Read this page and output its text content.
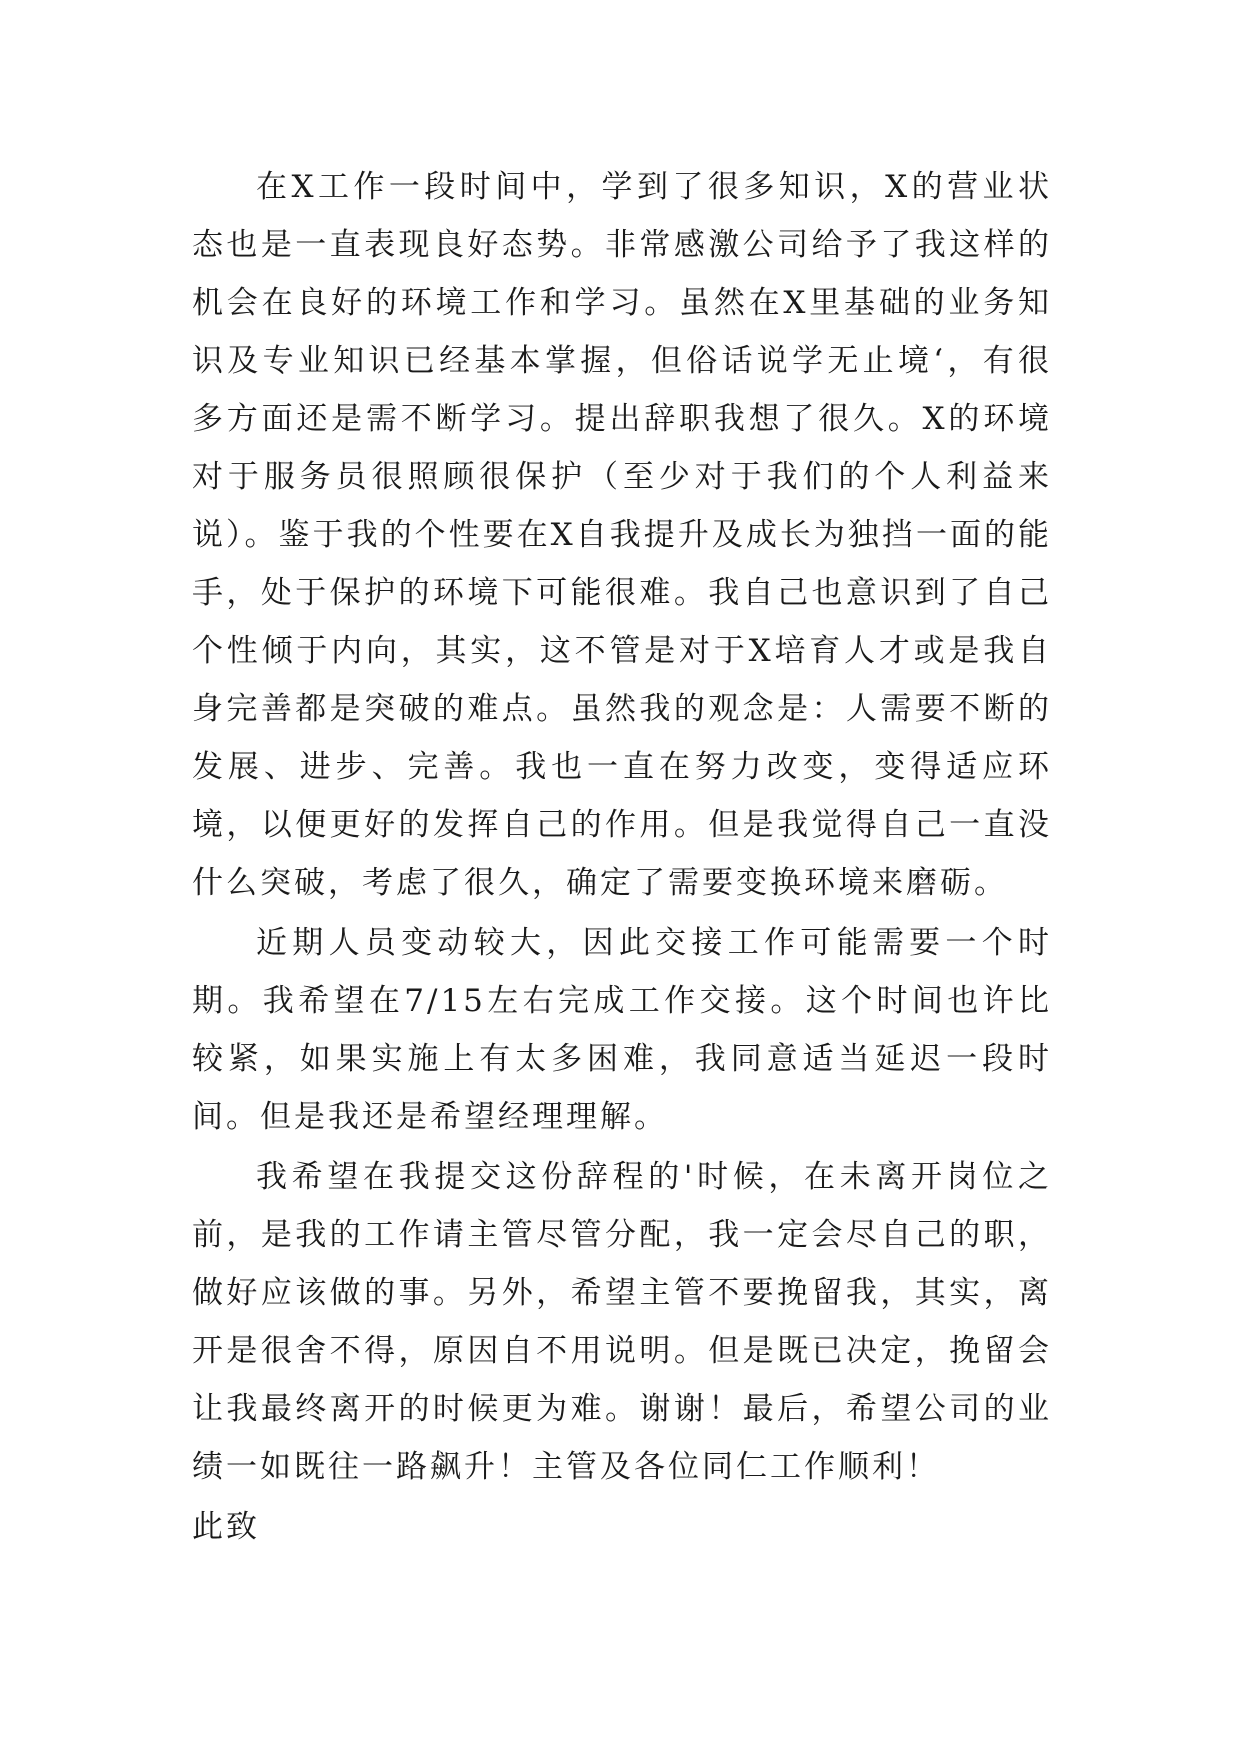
在X工作一段时间中，学到了很多知识，X的营业状态也是一直表现良好态势。非常感激公司给予了我这样的机会在良好的环境工作和学习。虽然在X里基础的业务知识及专业知识已经基本掌握，但俗话说学无止境‘，有很多方面还是需不断学习。提出辞职我想了很久。X的环境对于服务员很照顾很保护（至少对于我们的个人利益来说）。鉴于我的个性要在X自我提升及成长为独挡一面的能手，处于保护的环境下可能很难。我自己也意识到了自己个性倾于内向，其实，这不管是对于X培育人才或是我自身完善都是突破的难点。虽然我的观念是：人需要不断的发展、进步、完善。我也一直在努力改变，变得适应环境，以便更好的发挥自己的作用。但是我觉得自己一直没什么突破，考虑了很久，确定了需要变换环境来磨砺。

近期人员变动较大，因此交接工作可能需要一个时期。我希望在7/15左右完成工作交接。这个时间也许比较紧，如果实施上有太多困难，我同意适当延迟一段时间。但是我还是希望经理理解。

我希望在我提交这份辞程的'时候，在未离开岗位之前，是我的工作请主管尽管分配，我一定会尽自己的职，做好应该做的事。另外，希望主管不要挽留我，其实，离开是很舍不得，原因自不用说明。但是既已决定，挽留会让我最终离开的时候更为难。谢谢！最后，希望公司的业绩一如既往一路飙升！主管及各位同仁工作顺利！

此致
